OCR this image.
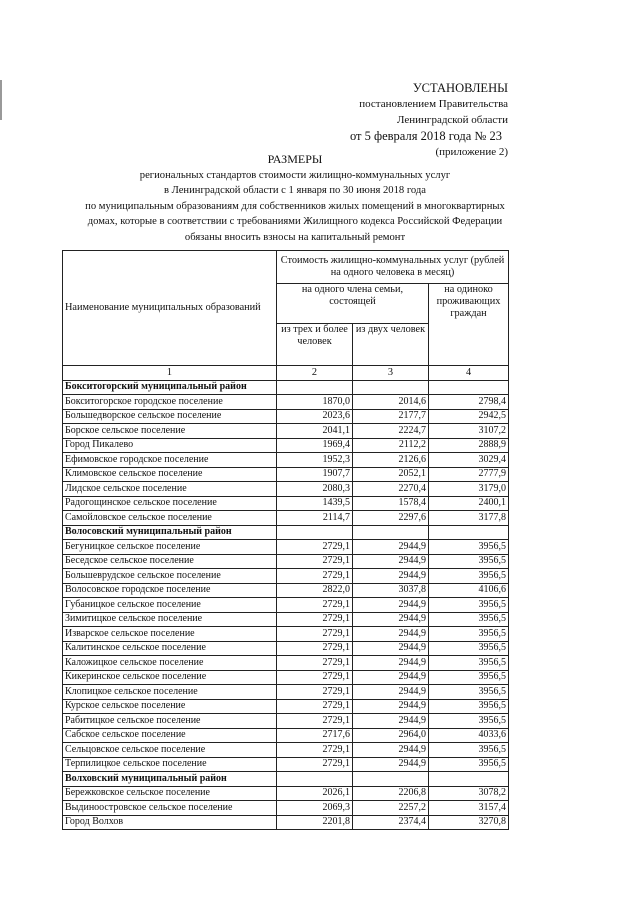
УСТАНОВЛЕНЫ
постановлением Правительства
Ленинградской области
от 5 февраля 2018 года № 23
(приложение 2)
РАЗМЕРЫ
региональных стандартов стоимости жилищно-коммунальных услуг
в Ленинградской области с 1 января по 30 июня 2018 года
по муниципальным образованиям для собственников жилых помещений в многоквартирных
домах, которые в соответствии с требованиями Жилищного кодекса Российской Федерации
обязаны вносить взносы на капитальный ремонт
Наименование муниципальных образований	Стоимость жилищно-коммунальных услуг (рублей на одного человека в месяц)		
	на одного члена семьи, состоящей		на одиноко проживающих граждан
	из трех и более человек	из двух человек	
1	2	3	4
Бокситогорский муниципальный район			
Бокситогорское городское поселение	1870,0	2014,6	2798,4
Большедворское сельское поселение	2023,6	2177,7	2942,5
Борское сельское поселение	2041,1	2224,7	3107,2
Город Пикалево	1969,4	2112,2	2888,9
Ефимовское городское поселение	1952,3	2126,6	3029,4
Климовское сельское поселение	1907,7	2052,1	2777,9
Лидское сельское поселение	2080,3	2270,4	3179,0
Радогощинское сельское поселение	1439,5	1578,4	2400,1
Самойловское сельское поселение	2114,7	2297,6	3177,8
Волосовский муниципальный район			
Бегуницкое сельское поселение	2729,1	2944,9	3956,5
Беседское сельское поселение	2729,1	2944,9	3956,5
Большеврудское сельское поселение	2729,1	2944,9	3956,5
Волосовское городское поселение	2822,0	3037,8	4106,6
Губаницкое сельское поселение	2729,1	2944,9	3956,5
Зимитицкое сельское поселение	2729,1	2944,9	3956,5
Изварское сельское поселение	2729,1	2944,9	3956,5
Калитинское сельское поселение	2729,1	2944,9	3956,5
Каложицкое сельское поселение	2729,1	2944,9	3956,5
Кикеринское сельское поселение	2729,1	2944,9	3956,5
Клопицкое сельское поселение	2729,1	2944,9	3956,5
Курское сельское поселение	2729,1	2944,9	3956,5
Рабитицкое сельское поселение	2729,1	2944,9	3956,5
Сабское сельское поселение	2717,6	2964,0	4033,6
Сельцовское сельское поселение	2729,1	2944,9	3956,5
Терпилицкое сельское поселение	2729,1	2944,9	3956,5
Волховский муниципальный район			
Бережковское сельское поселение	2026,1	2206,8	3078,2
Выдиноостровское сельское поселение	2069,3	2257,2	3157,4
Город Волхов	2201,8	2374,4	3270,8
